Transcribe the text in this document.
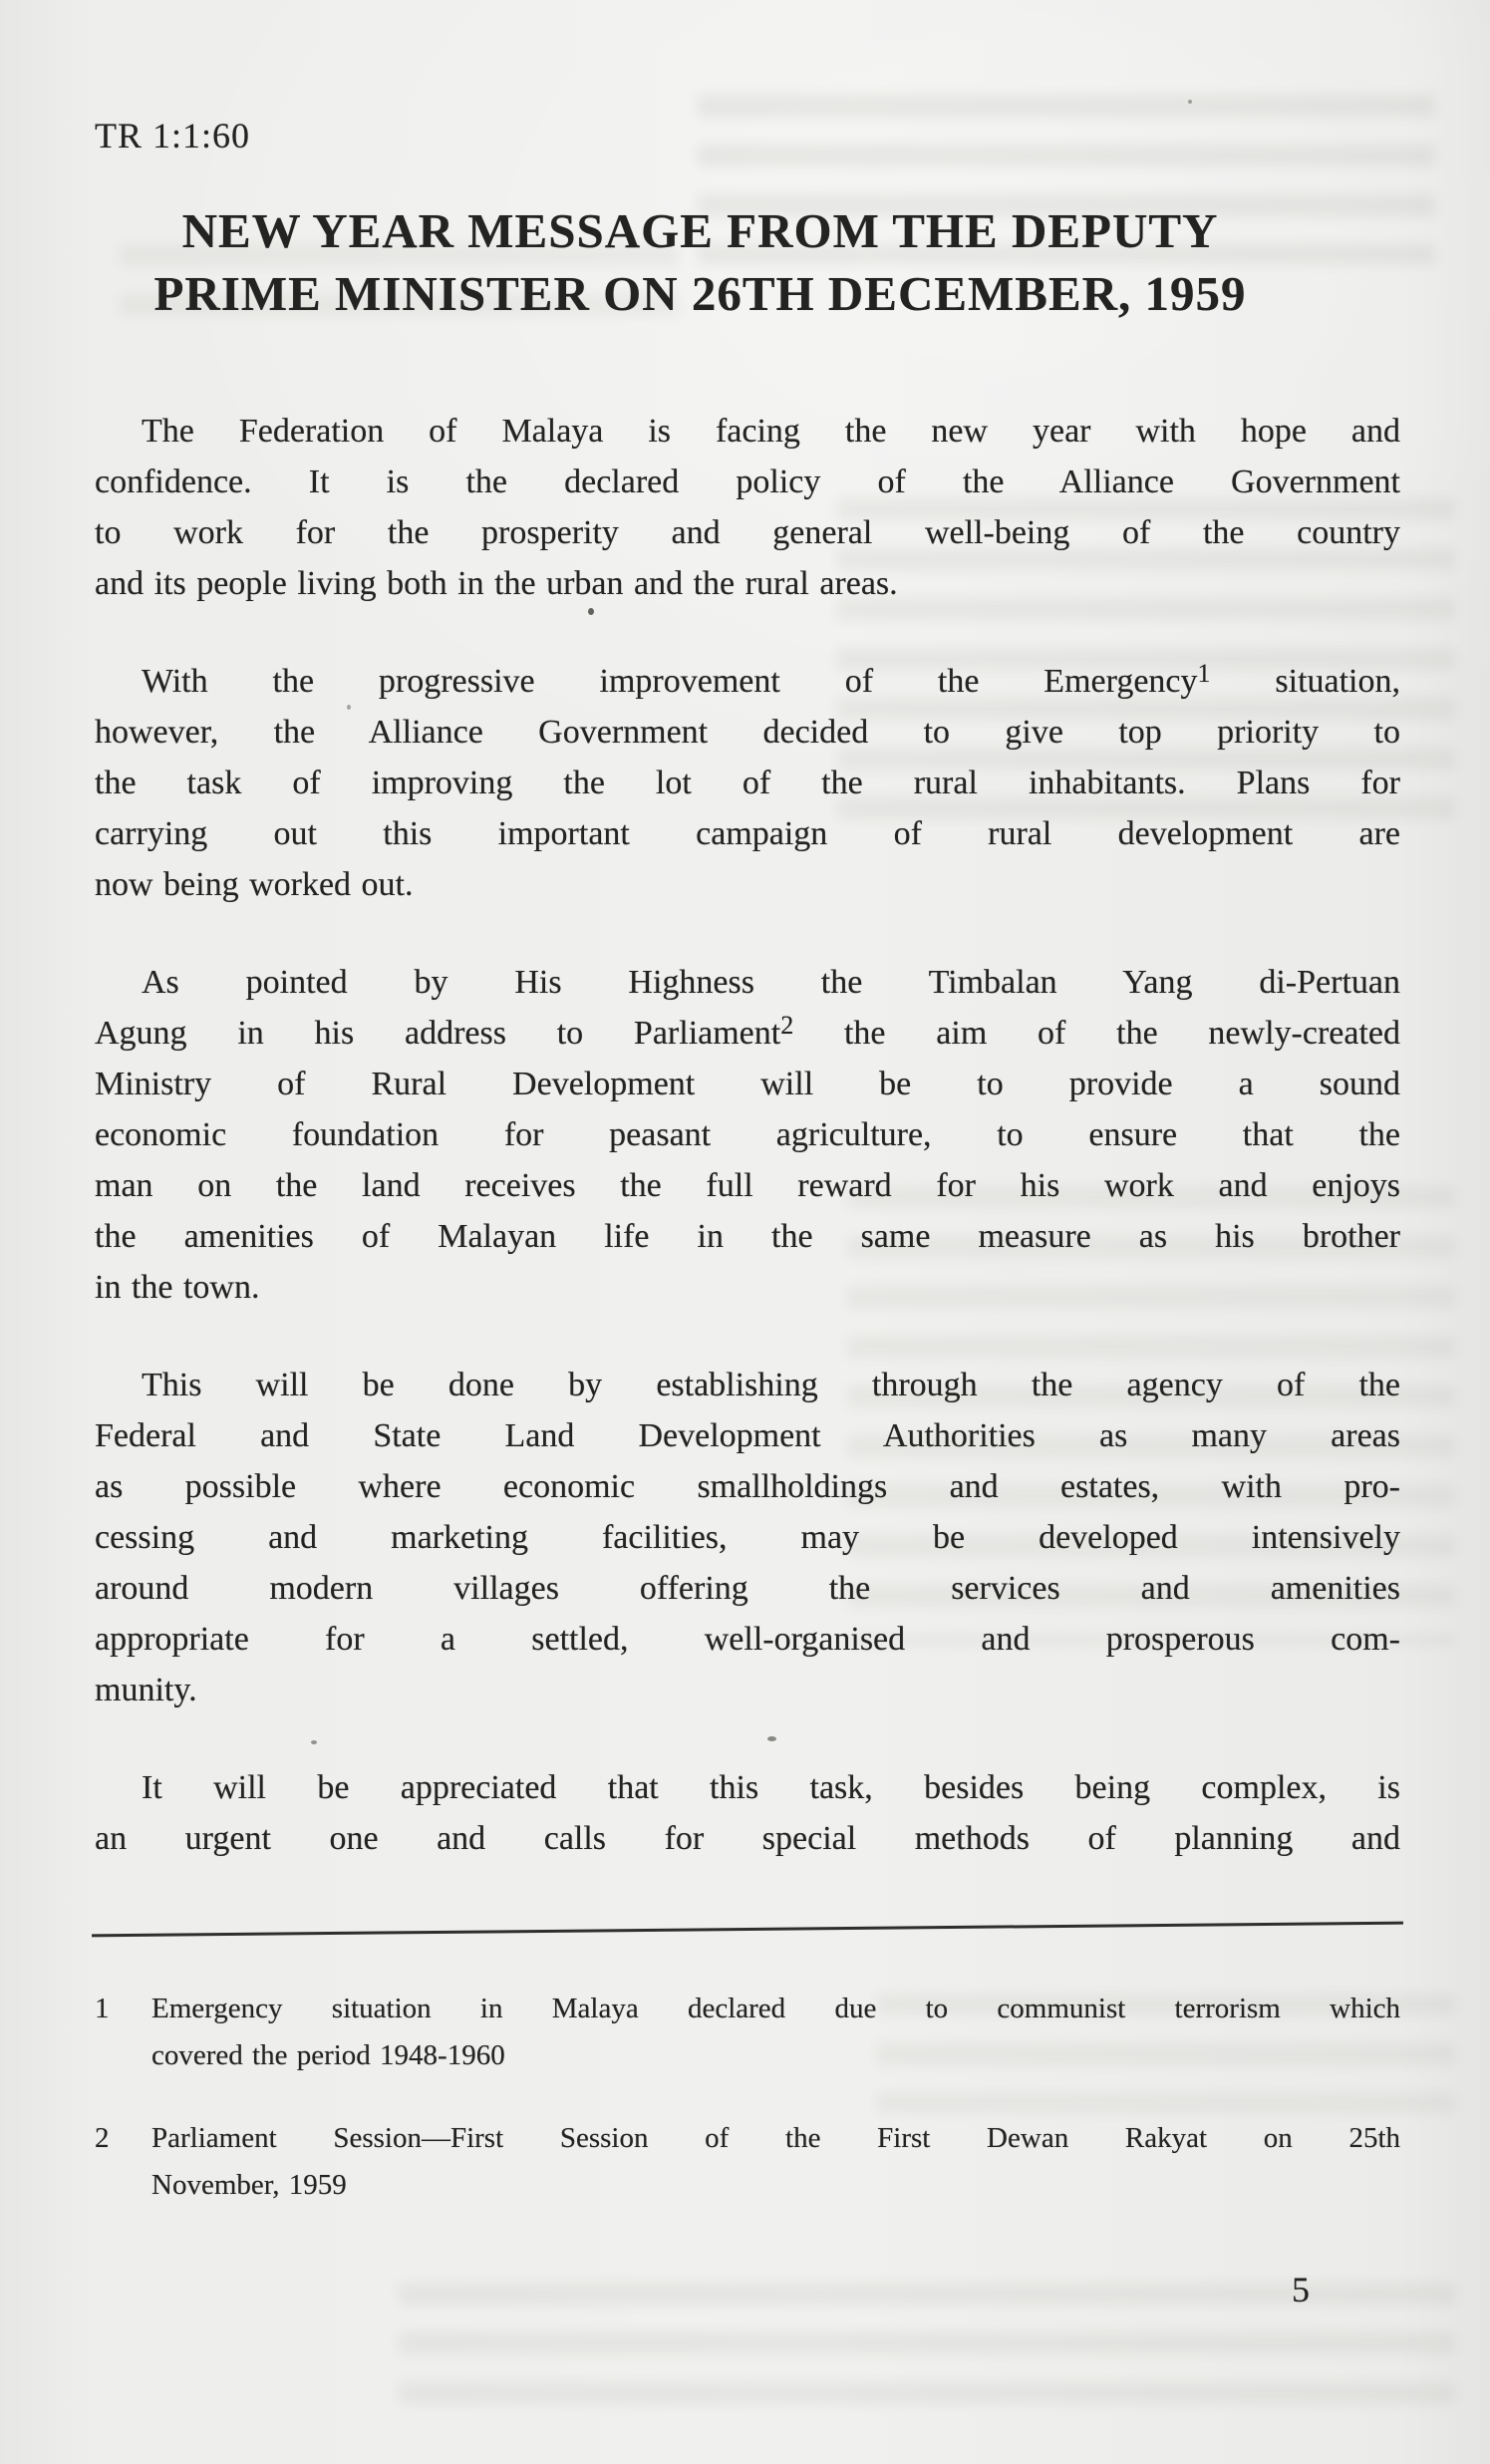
TR 1:1:60
NEW YEAR MESSAGE FROM THE DEPUTY
PRIME MINISTER ON 26TH DECEMBER, 1959
The Federation of Malaya is facing the new year with hope and
confidence. It is the declared policy of the Alliance Government
to work for the prosperity and general well-being of the country
and its people living both in the urban and the rural areas.
With the progressive improvement of the Emergency$^1$ situation,
however, the Alliance Government decided to give top priority to
the task of improving the lot of the rural inhabitants. Plans for
carrying out this important campaign of rural development are
now being worked out.
As pointed by His Highness the Timbalan Yang di-Pertuan
Agung in his address to Parliament$^2$ the aim of the newly-created
Ministry of Rural Development will be to provide a sound
economic foundation for peasant agriculture, to ensure that the
man on the land receives the full reward for his work and enjoys
the amenities of Malayan life in the same measure as his brother
in the town.
This will be done by establishing through the agency of the
Federal and State Land Development Authorities as many areas
as possible where economic smallholdings and estates, with pro-
cessing and marketing facilities, may be developed intensively
around modern villages offering the services and amenities
appropriate for a settled, well-organised and prosperous com-
munity.
It will be appreciated that this task, besides being complex, is
an urgent one and calls for special methods of planning and
1	Emergency situation in Malaya declared due to communist terrorism which
covered the period 1948-1960
2	Parliament Session—First Session of the First Dewan Rakyat on 25th
November, 1959
5
